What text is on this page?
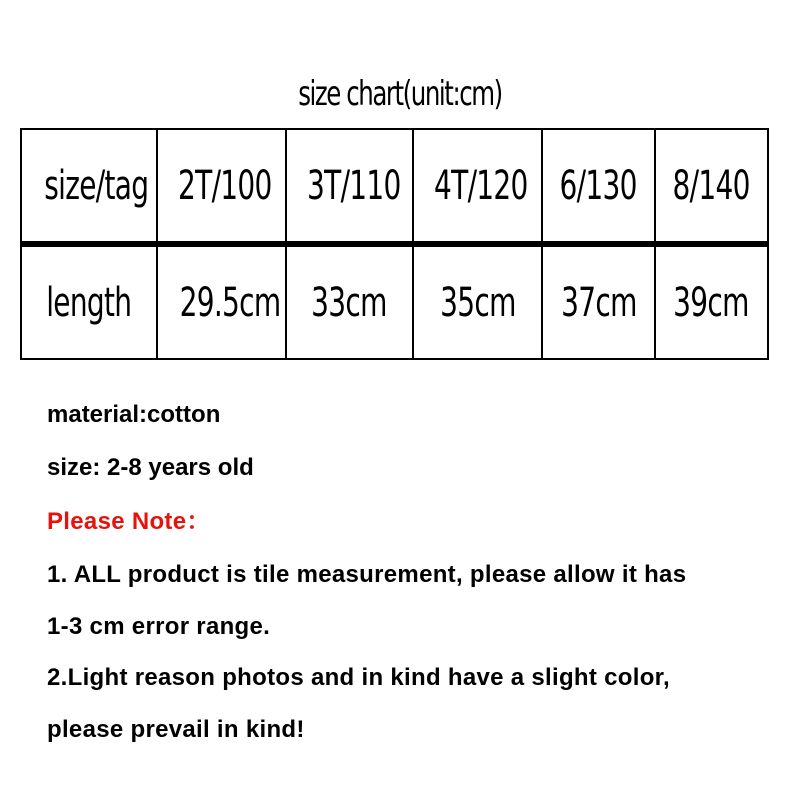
size chart(unit:cm)
size/tag	2T/100	3T/110	4T/120	6/130	8/140
length	29.5cm	33cm	35cm	37cm	39cm
material:cotton
size: 2-8 years old
Please Note：
1. ALL product is tile measurement, please allow it has
1-3 cm error range.
2.Light reason photos and in kind have a slight color,
please prevail in kind!
